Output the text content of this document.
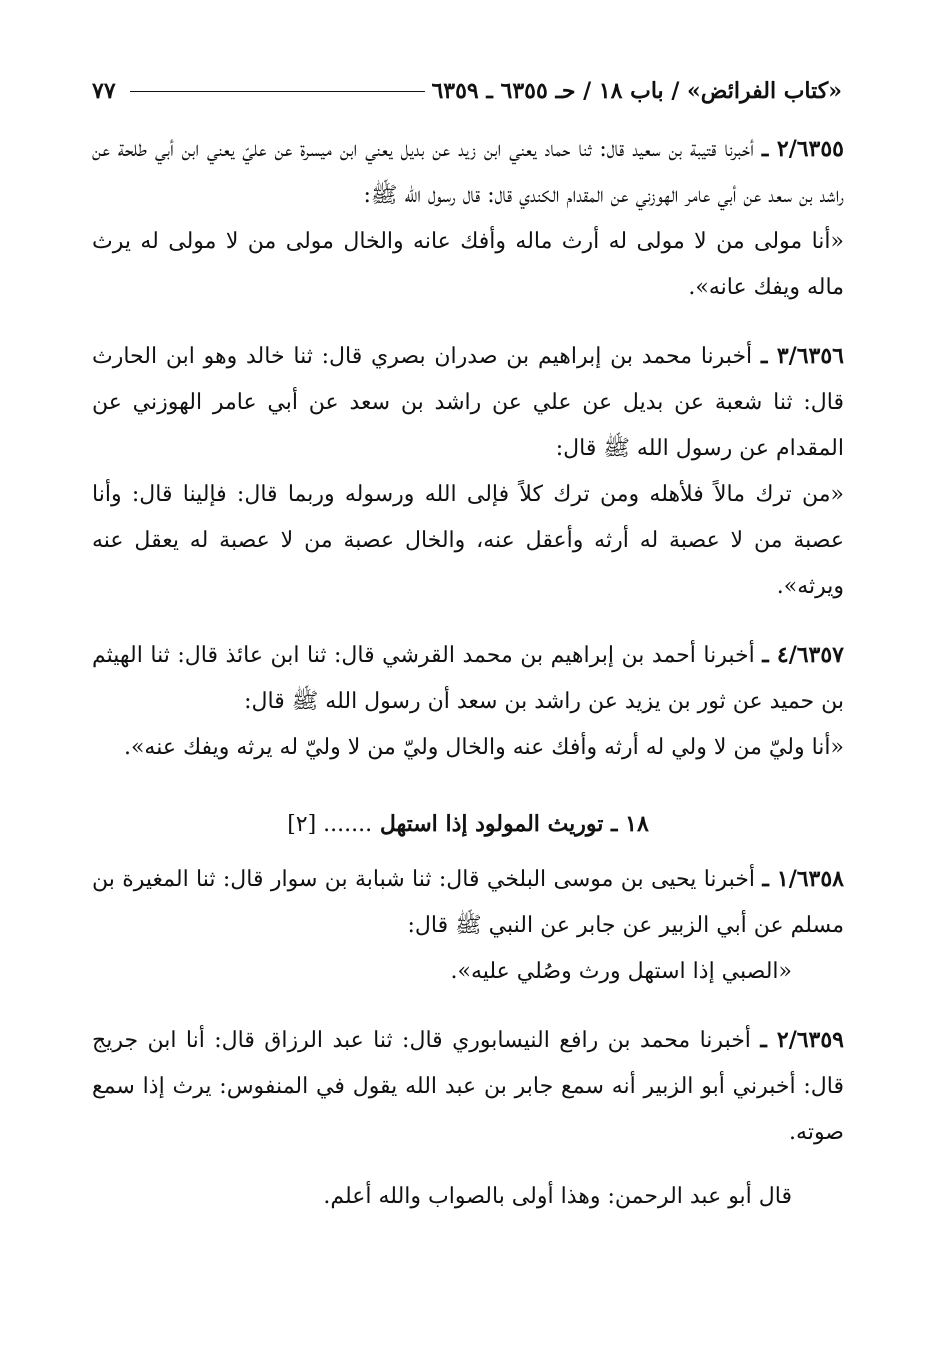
٧٧	«كتاب الفرائض» / باب ١٨ / حـ ٦٣٥٥ ـ ٦٣٥٩

٢/٦٣٥٥ ـ أخبرنا قتيبة بن سعيد قال: ثنا حماد يعني ابن زيد عن بديل يعني ابن ميسرة عن عليّ يعني ابن أبي طلحة عن راشد بن سعد عن أبي عامر الهوزني عن المقدام الكندي قال: قال رسول الله ﷺ:

«أنا مولى من لا مولى له أرث ماله وأفك عانه والخال مولى من لا مولى له يرث ماله ويفك عانه».

٣/٦٣٥٦ ـ أخبرنا محمد بن إبراهيم بن صدران بصري قال: ثنا خالد وهو ابن الحارث قال: ثنا شعبة عن بديل عن علي عن راشد بن سعد عن أبي عامر الهوزني عن المقدام عن رسول الله ﷺ قال:

«من ترك مالاً فلأهله ومن ترك كلاً فإلى الله ورسوله وربما قال: فإلينا قال: وأنا عصبة من لا عصبة له أرثه وأعقل عنه، والخال عصبة من لا عصبة له يعقل عنه ويرثه».

٤/٦٣٥٧ ـ أخبرنا أحمد بن إبراهيم بن محمد القرشي قال: ثنا ابن عائذ قال: ثنا الهيثم بن حميد عن ثور بن يزيد عن راشد بن سعد أن رسول الله ﷺ قال:

«أنا وليّ من لا ولي له أرثه وأفك عنه والخال وليّ من لا وليّ له يرثه ويفك عنه».

١٨ ـ توريث المولود إذا استهل ....... [٢]

١/٦٣٥٨ ـ أخبرنا يحيى بن موسى البلخي قال: ثنا شبابة بن سوار قال: ثنا المغيرة بن مسلم عن أبي الزبير عن جابر عن النبي ﷺ قال:

«الصبي إذا استهل ورث وصُلي عليه».

٢/٦٣٥٩ ـ أخبرنا محمد بن رافع النيسابوري قال: ثنا عبد الرزاق قال: أنا ابن جريج قال: أخبرني أبو الزبير أنه سمع جابر بن عبد الله يقول في المنفوس: يرث إذا سمع صوته.

قال أبو عبد الرحمن: وهذا أولى بالصواب والله أعلم.
